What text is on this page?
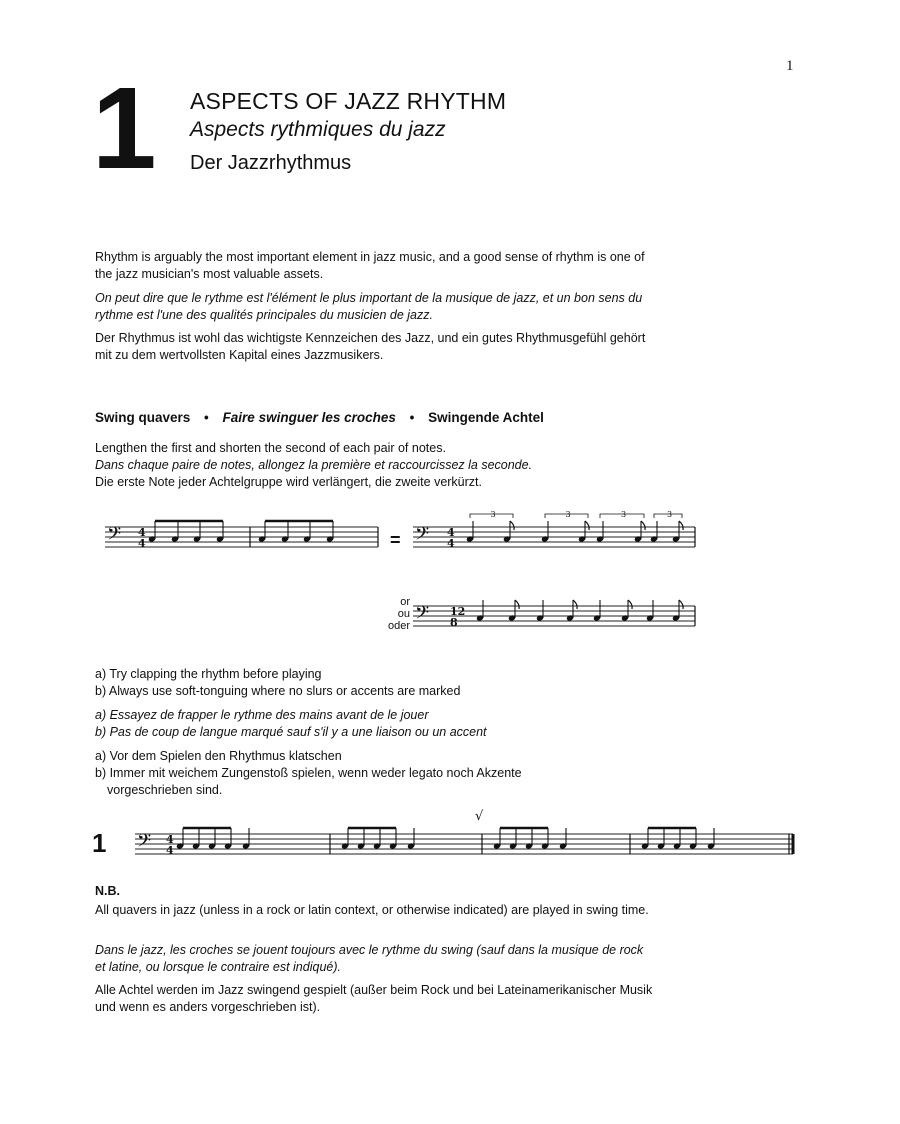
1
1 ASPECTS OF JAZZ RHYTHM
Aspects rythmiques du jazz
Der Jazzrhythmus
Rhythm is arguably the most important element in jazz music, and a good sense of rhythm is one of the jazz musician's most valuable assets.
On peut dire que le rythme est l'élément le plus important de la musique de jazz, et un bon sens du rythme est l'une des qualités principales du musicien de jazz.
Der Rhythmus ist wohl das wichtigste Kennzeichen des Jazz, und ein gutes Rhythmusgefühl gehört mit zu dem wertvollsten Kapital eines Jazzmusikers.
Swing quavers • Faire swinguer les croches • Swingende Achtel
Lengthen the first and shorten the second of each pair of notes.
Dans chaque paire de notes, allongez la première et raccourcissez la seconde.
Die erste Note jeder Achtelgruppe wird verlängert, die zweite verkürzt.
=
or
ou
oder
a) Try clapping the rhythm before playing
b) Always use soft-tonguing where no slurs or accents are marked
a) Essayez de frapper le rythme des mains avant de le jouer
b) Pas de coup de langue marqué sauf s'il y a une liaison ou un accent
a) Vor dem Spielen den Rhythmus klatschen
b) Immer mit weichem Zungenstoß spielen, wenn weder legato noch Akzente
vorgeschrieben sind.
1
N.B.
All quavers in jazz (unless in a rock or latin context, or otherwise indicated) are played in swing time.
Dans le jazz, les croches se jouent toujours avec le rythme du swing (sauf dans la musique de rock et latine, ou lorsque le contraire est indiqué).
Alle Achtel werden im Jazz swingend gespielt (außer beim Rock und bei Lateinamerikanischer Musik und wenn es anders vorgeschrieben ist).
𝄢 4
4	𝄢 4
4
3	3	3	3
𝄢 12
8
𝄢 4
4
√
